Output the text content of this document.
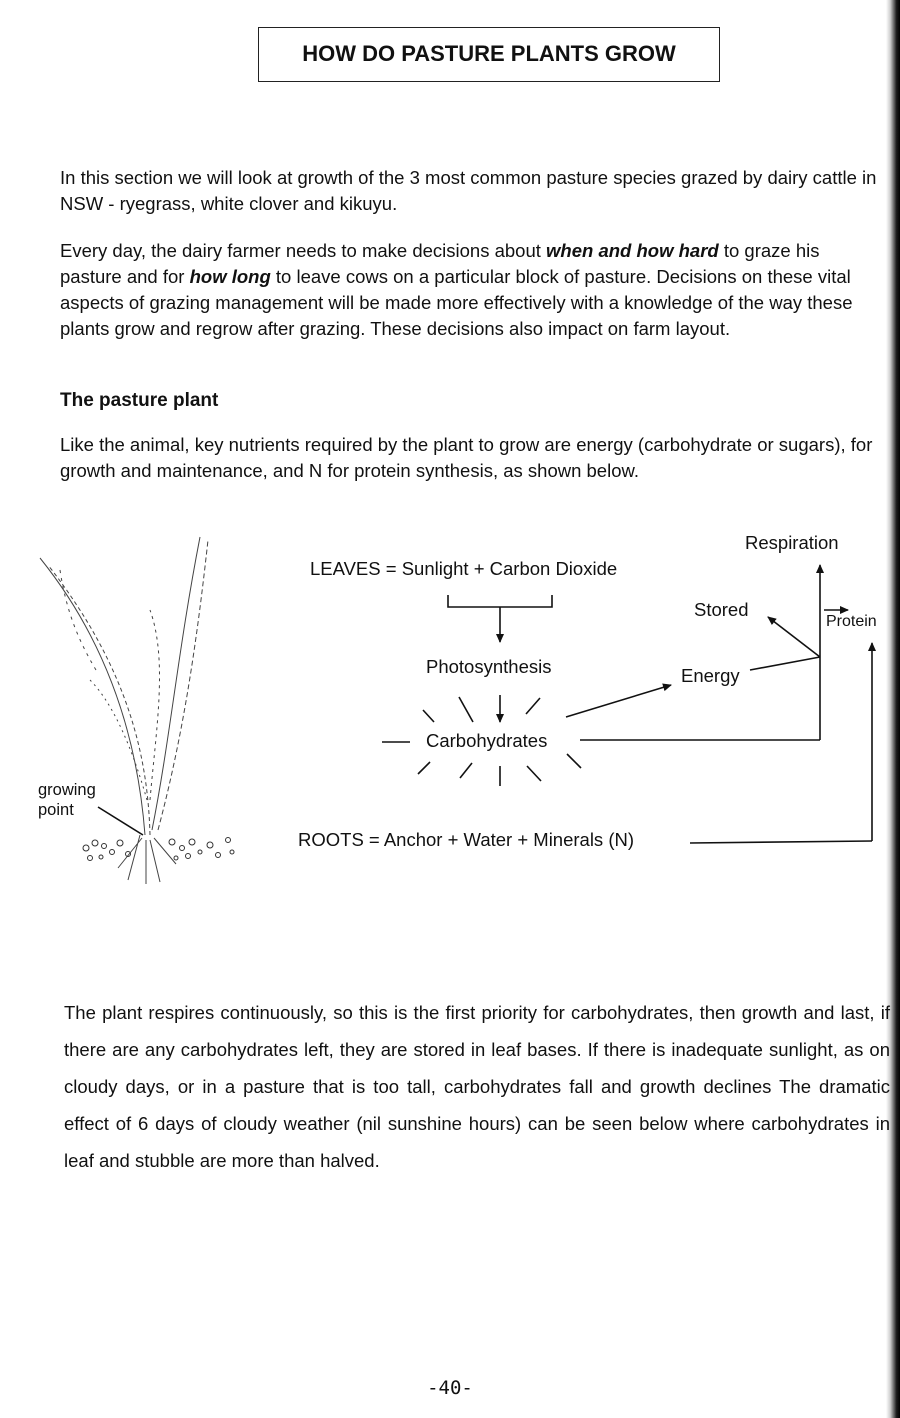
HOW DO PASTURE PLANTS GROW

In this section we will look at growth of the 3 most common pasture species grazed by dairy cattle in NSW - ryegrass, white clover and kikuyu.

Every day, the dairy farmer needs to make decisions about when and how hard to graze his pasture and for how long to leave cows on a particular block of pasture. Decisions on these vital aspects of grazing management will be made more effectively with a knowledge of the way these plants grow and regrow after grazing. These decisions also impact on farm layout.

The pasture plant

Like the animal, key nutrients required by the plant to grow are energy (carbohydrate or sugars), for growth and maintenance, and N for protein synthesis, as shown below.

LEAVES = Sunlight + Carbon Dioxide
Photosynthesis
Carbohydrates
Energy
Stored
Respiration
Protein
ROOTS = Anchor + Water + Minerals (N)
growing point

The plant respires continuously, so this is the first priority for carbohydrates, then growth and last, if there are any carbohydrates left, they are stored in leaf bases. If there is inadequate sunlight, as on cloudy days, or in a pasture that is too tall, carbohydrates fall and growth declines The dramatic effect of 6 days of cloudy weather (nil sunshine hours) can be seen below where carbohydrates in leaf and stubble are more than halved.

-40-
